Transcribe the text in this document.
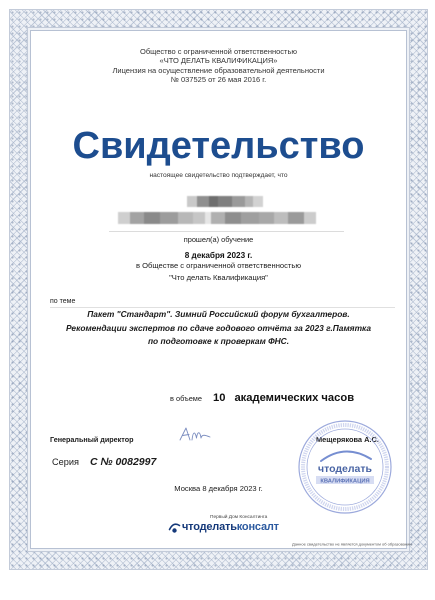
Общество с ограниченной ответственностью
«ЧТО ДЕЛАТЬ КВАЛИФИКАЦИЯ»
Лицензия на осуществление образовательной деятельности
№ 037525 от 26 мая 2016 г.
Свидетельство
настоящее свидетельство подтверждает, что
прошел(а) обучение
8 декабря 2023 г.
в Обществе с ограниченной ответственностью
"Что делать Квалификация"
по теме
Пакет "Стандарт". Зимний Российский форум бухгалтеров.
Рекомендации экспертов по сдаче годового отчёта за 2023 г.Памятка
по подготовке к проверкам ФНС.
в объеме 10 академических часов
Генеральный директор	Мещерякова А.С.
Серия С № 0082997
чтоделать
КВАЛИФИКАЦИЯ
Москва 8 декабря 2023 г.
Первый Дом Консалтинга
чтоделатьконсалт
Данное свидетельство не является документом об образовании
